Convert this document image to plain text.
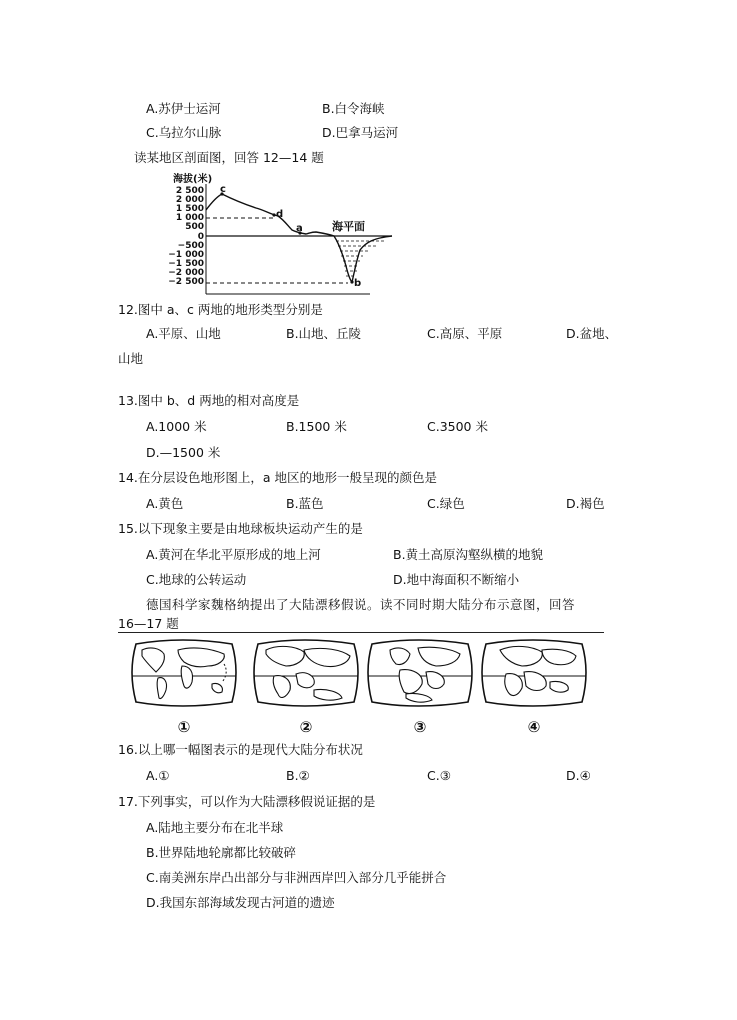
A.苏伊士运河	B.白令海峡
C.乌拉尔山脉	D.巴拿马运河
读某地区剖面图，回答 12—14 题
海拔(米)
2 500
2 000
1 500
1 000
500
0
−500
−1 000
−1 500
−2 000
−2 500
c
d
a
b
海平面
12.图中 a、c 两地的地形类型分别是
A.平原、山地	B.山地、丘陵	C.高原、平原	D.盆地、
山地
13.图中 b、d 两地的相对高度是
A.1000 米	B.1500 米	C.3500 米
D.—1500 米
14.在分层设色地形图上，a 地区的地形一般呈现的颜色是
A.黄色	B.蓝色	C.绿色	D.褐色
15.以下现象主要是由地球板块运动产生的是
A.黄河在华北平原形成的地上河	B.黄土高原沟壑纵横的地貌
C.地球的公转运动	D.地中海面积不断缩小
德国科学家魏格纳提出了大陆漂移假说。读不同时期大陆分布示意图，回答
16—17 题
①	②	③	④
16.以上哪一幅图表示的是现代大陆分布状况
A.①	B.②	C.③	D.④
17.下列事实，可以作为大陆漂移假说证据的是
A.陆地主要分布在北半球
B.世界陆地轮廓都比较破碎
C.南美洲东岸凸出部分与非洲西岸凹入部分几乎能拼合
D.我国东部海域发现古河道的遗迹
